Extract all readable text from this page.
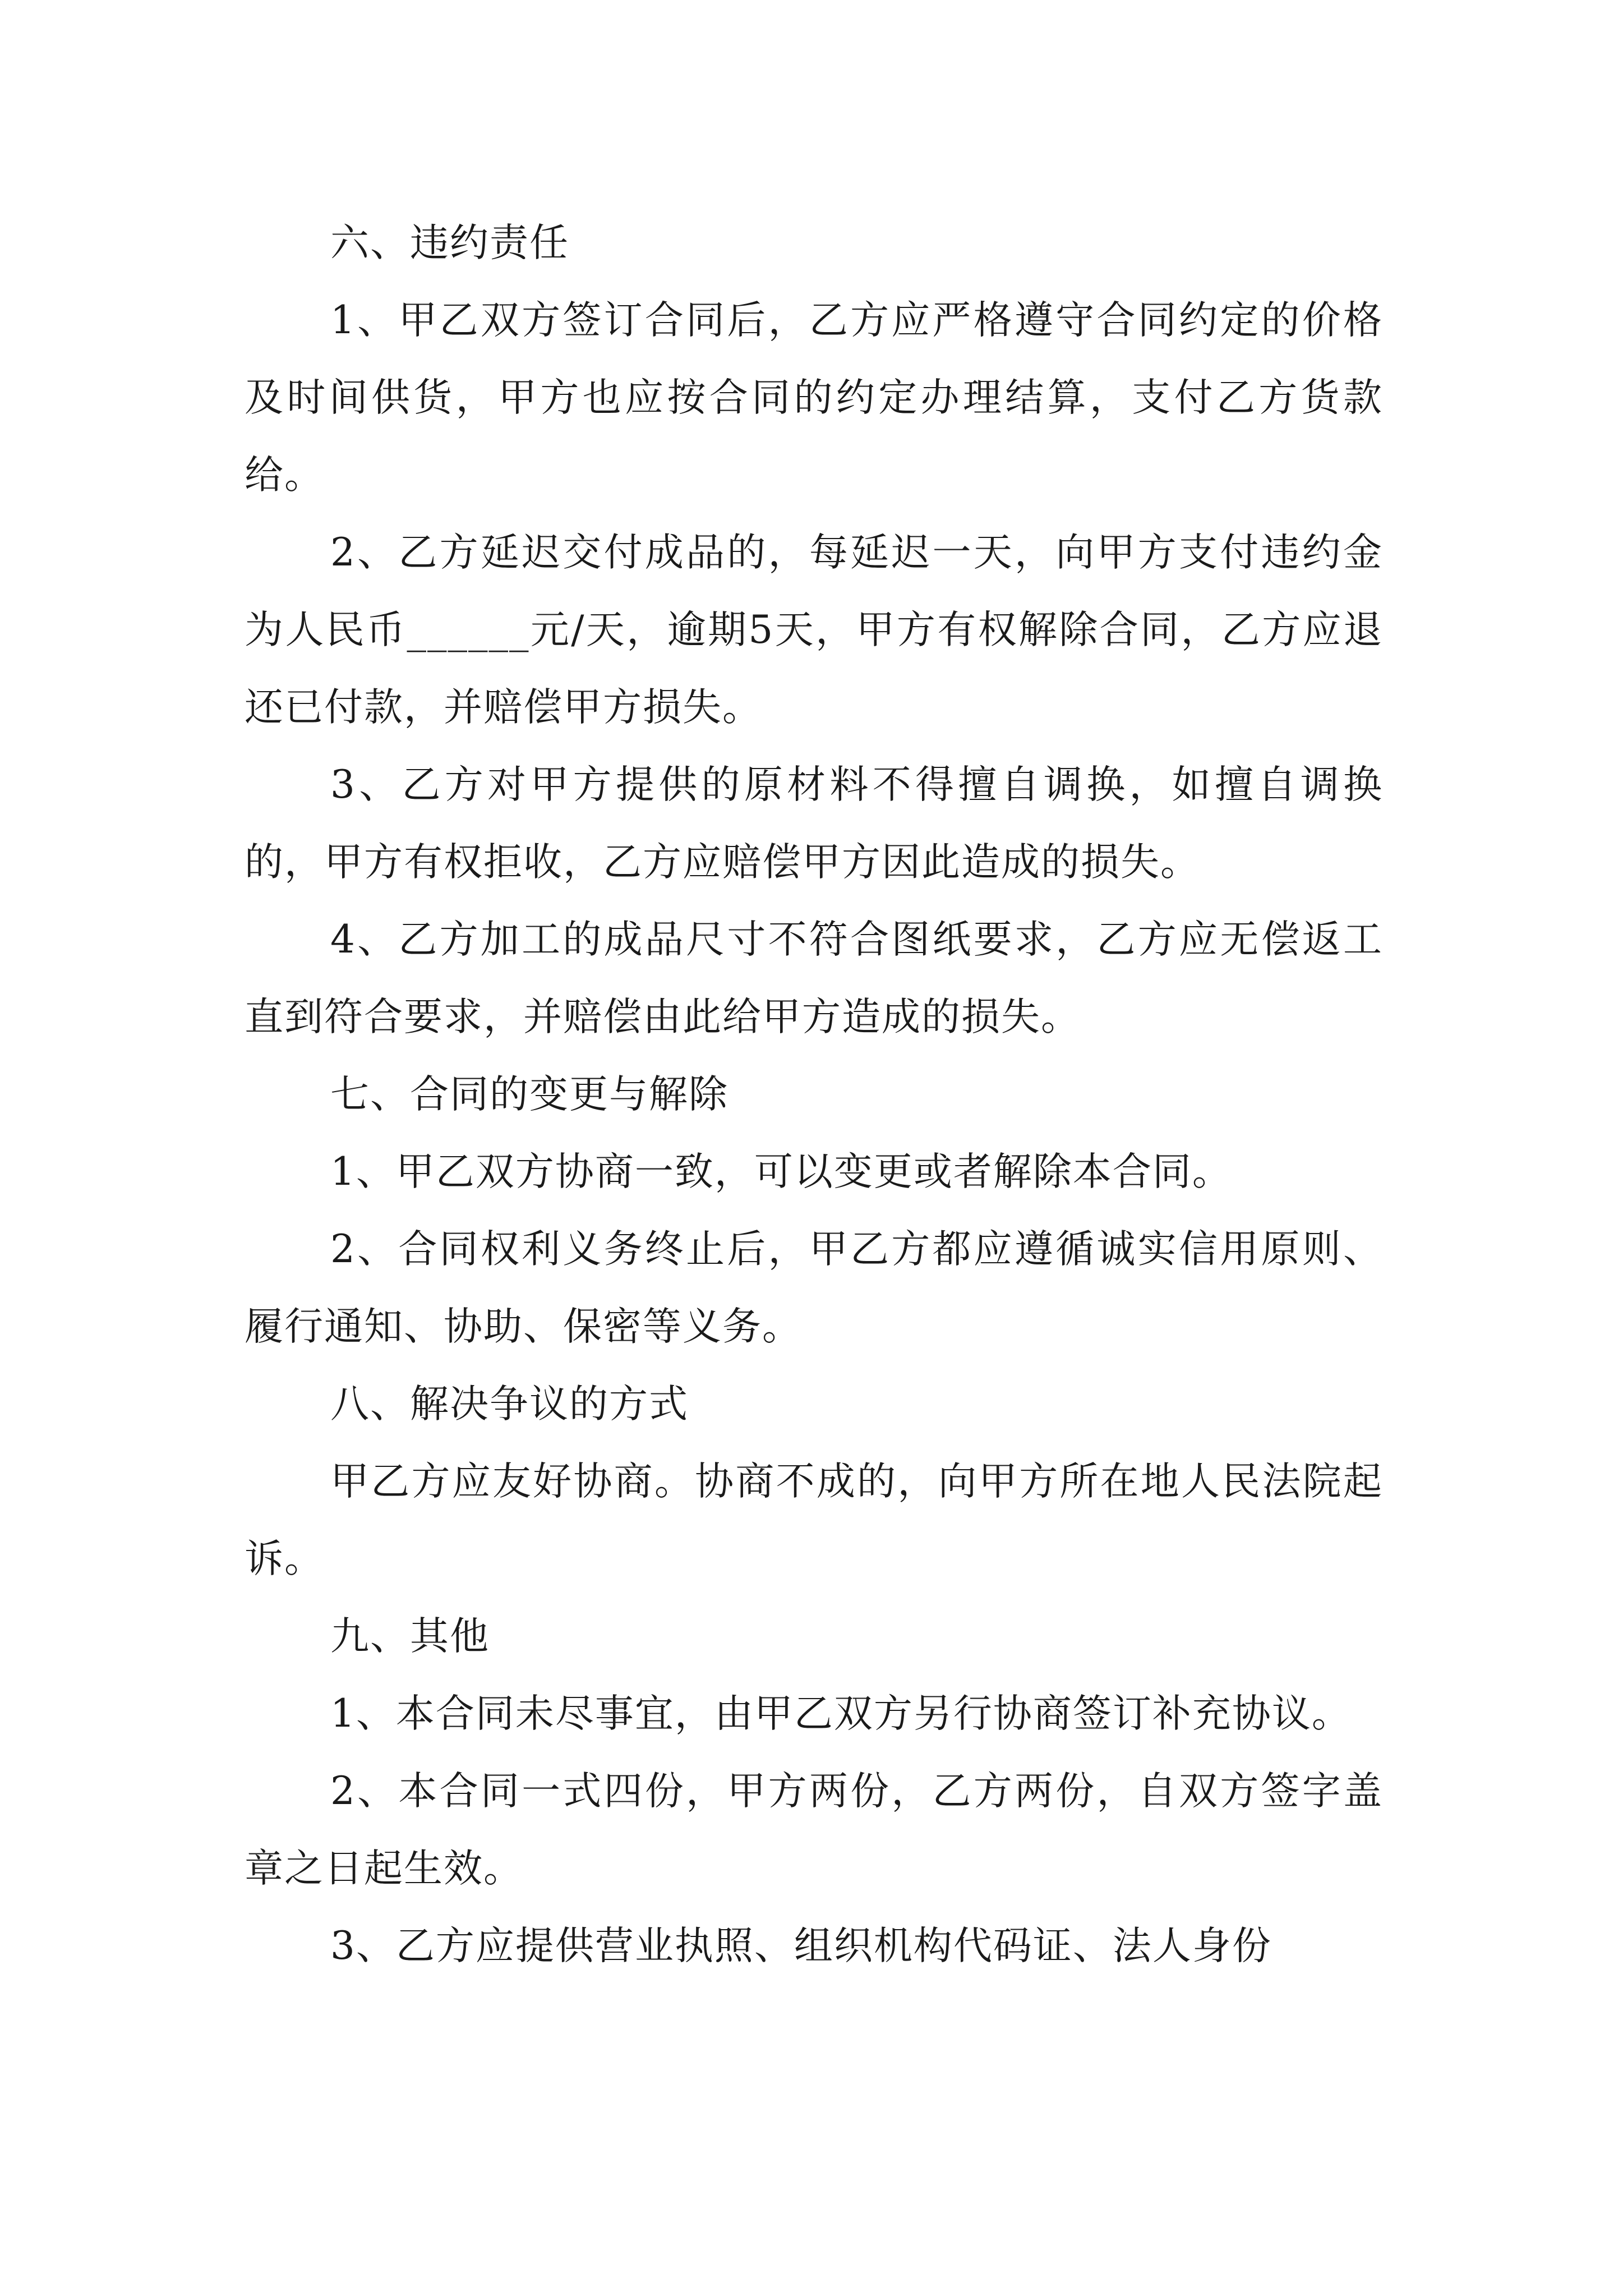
六、违约责任

1、甲乙双方签订合同后，乙方应严格遵守合同约定的价格及时间供货，甲方也应按合同的约定办理结算，支付乙方货款给。

2、乙方延迟交付成品的，每延迟一天，向甲方支付违约金为人民币______元/天，逾期5天，甲方有权解除合同，乙方应退还已付款，并赔偿甲方损失。

3、乙方对甲方提供的原材料不得擅自调换，如擅自调换的，甲方有权拒收，乙方应赔偿甲方因此造成的损失。

4、乙方加工的成品尺寸不符合图纸要求，乙方应无偿返工直到符合要求，并赔偿由此给甲方造成的损失。

七、合同的变更与解除

1、甲乙双方协商一致，可以变更或者解除本合同。

2、合同权利义务终止后，甲乙方都应遵循诚实信用原则、履行通知、协助、保密等义务。

八、解决争议的方式

甲乙方应友好协商。协商不成的，向甲方所在地人民法院起诉。

九、其他

1、本合同未尽事宜，由甲乙双方另行协商签订补充协议。

2、本合同一式四份，甲方两份，乙方两份，自双方签字盖章之日起生效。

3、乙方应提供营业执照、组织机构代码证、法人身份
